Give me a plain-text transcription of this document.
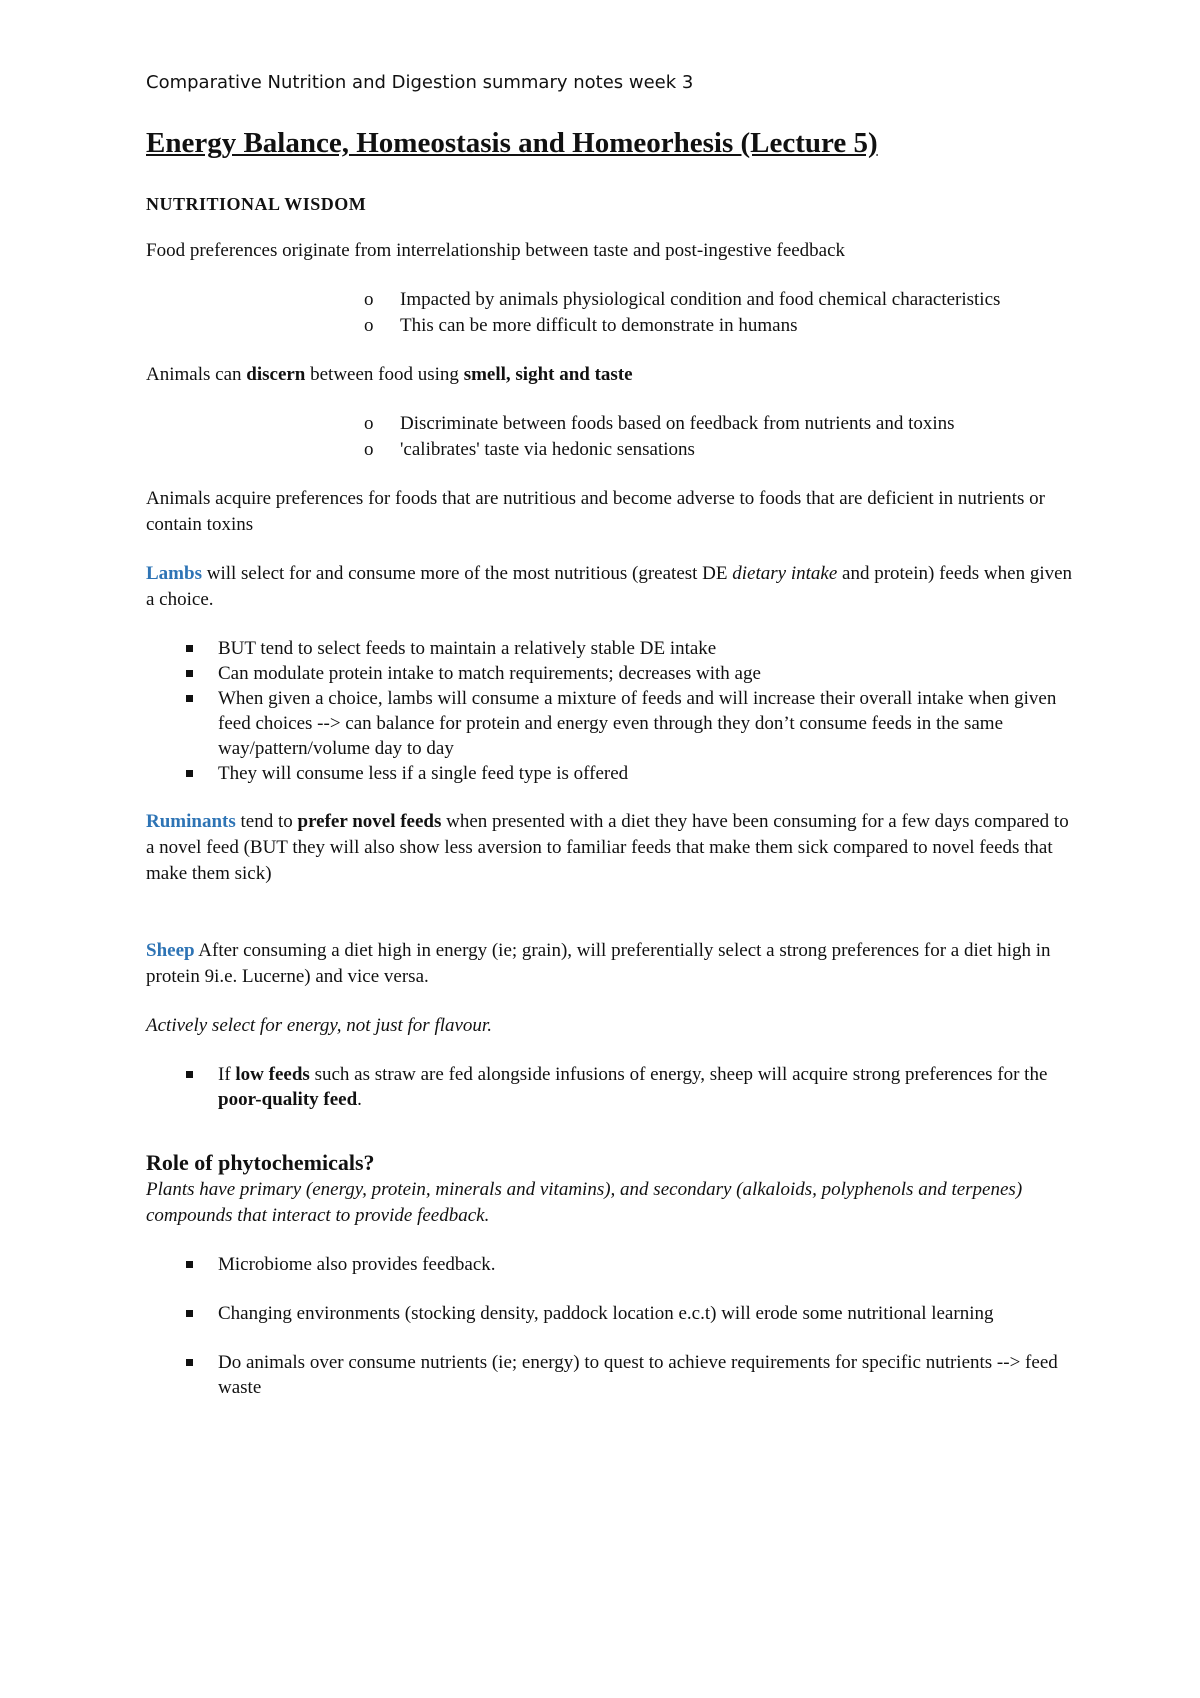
Comparative Nutrition and Digestion summary notes week 3
Energy Balance, Homeostasis and Homeorhesis (Lecture 5)
NUTRITIONAL WISDOM

Food preferences originate from interrelationship between taste and post-ingestive feedback

o Impacted by animals physiological condition and food chemical characteristics
o This can be more difficult to demonstrate in humans

Animals can discern between food using smell, sight and taste

o Discriminate between foods based on feedback from nutrients and toxins
o 'calibrates' taste via hedonic sensations

Animals acquire preferences for foods that are nutritious and become adverse to foods that are deficient in nutrients or contain toxins

Lambs will select for and consume more of the most nutritious (greatest DE dietary intake and protein) feeds when given a choice.

BUT tend to select feeds to maintain a relatively stable DE intake
Can modulate protein intake to match requirements; decreases with age
When given a choice, lambs will consume a mixture of feeds and will increase their overall intake when given feed choices --> can balance for protein and energy even through they don’t consume feeds in the same way/pattern/volume day to day
They will consume less if a single feed type is offered

Ruminants tend to prefer novel feeds when presented with a diet they have been consuming for a few days compared to a novel feed (BUT they will also show less aversion to familiar feeds that make them sick compared to novel feeds that make them sick)

Sheep After consuming a diet high in energy (ie; grain), will preferentially select a strong preferences for a diet high in protein 9i.e. Lucerne) and vice versa.

Actively select for energy, not just for flavour.

If low feeds such as straw are fed alongside infusions of energy, sheep will acquire strong preferences for the poor-quality feed.
Role of phytochemicals?

Plants have primary (energy, protein, minerals and vitamins), and secondary (alkaloids, polyphenols and terpenes) compounds that interact to provide feedback.

Microbiome also provides feedback.
Changing environments (stocking density, paddock location e.c.t) will erode some nutritional learning
Do animals over consume nutrients (ie; energy) to quest to achieve requirements for specific nutrients --> feed waste
